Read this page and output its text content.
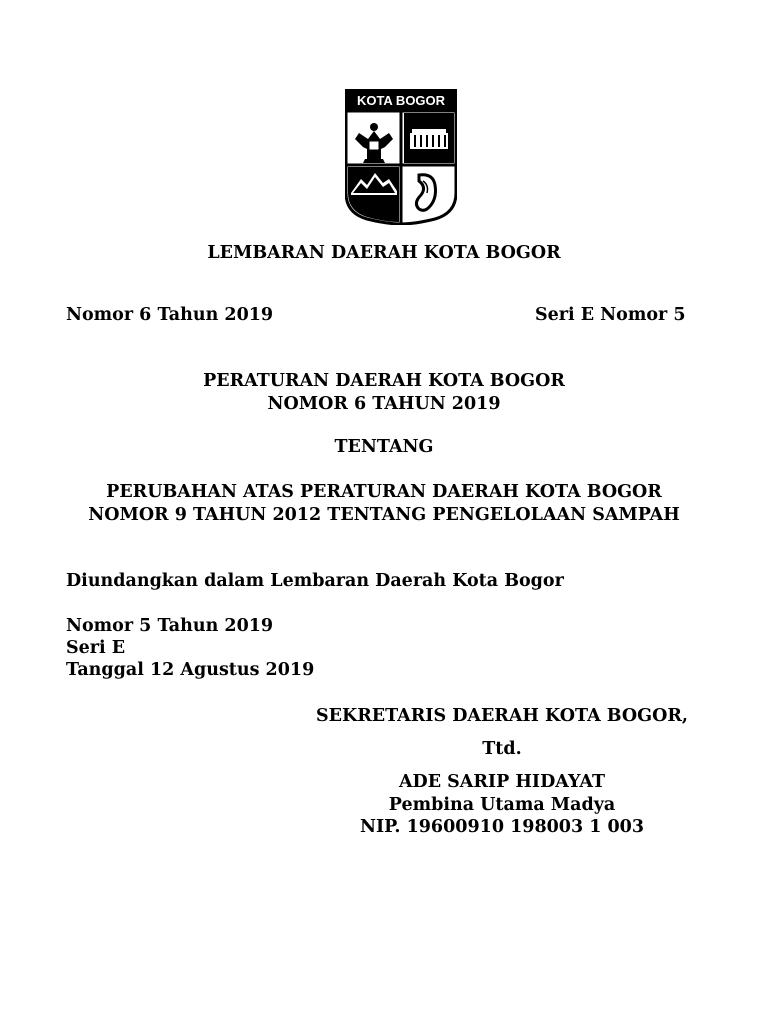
KOTA BOGOR
LEMBARAN DAERAH KOTA BOGOR
Nomor 6 Tahun 2019	Seri E Nomor 5
PERATURAN DAERAH KOTA BOGOR
NOMOR 6 TAHUN 2019
TENTANG
PERUBAHAN ATAS PERATURAN DAERAH KOTA BOGOR
NOMOR 9 TAHUN 2012 TENTANG PENGELOLAAN SAMPAH
Diundangkan dalam Lembaran Daerah Kota Bogor
Nomor 5 Tahun 2019
Seri E
Tanggal 12 Agustus 2019
SEKRETARIS DAERAH KOTA BOGOR,
Ttd.
ADE SARIP HIDAYAT
Pembina Utama Madya
NIP. 19600910 198003 1 003
